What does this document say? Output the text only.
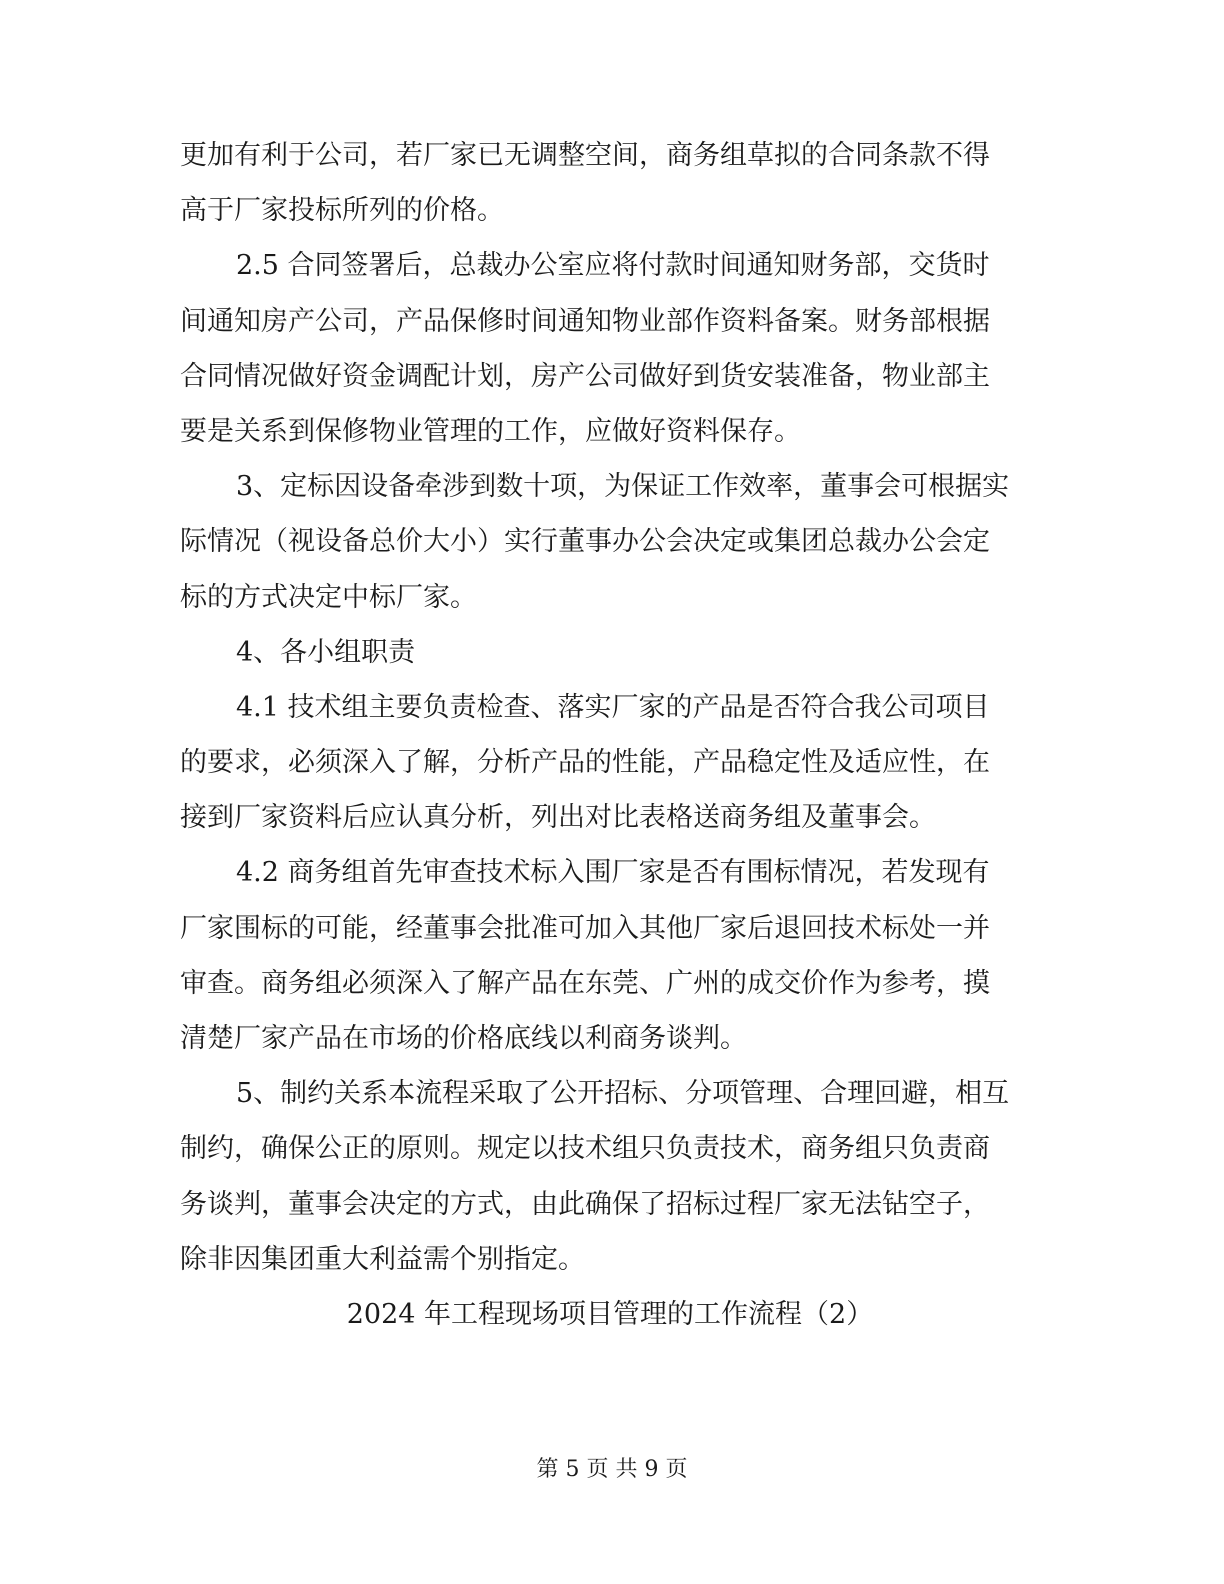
更加有利于公司，若厂家已无调整空间，商务组草拟的合同条款不得
高于厂家投标所列的价格。
2.5 合同签署后，总裁办公室应将付款时间通知财务部，交货时
间通知房产公司，产品保修时间通知物业部作资料备案。财务部根据
合同情况做好资金调配计划，房产公司做好到货安装准备，物业部主
要是关系到保修物业管理的工作，应做好资料保存。
3、定标因设备牵涉到数十项，为保证工作效率，董事会可根据实
际情况（视设备总价大小）实行董事办公会决定或集团总裁办公会定
标的方式决定中标厂家。
4、各小组职责
4.1 技术组主要负责检查、落实厂家的产品是否符合我公司项目
的要求，必须深入了解，分析产品的性能，产品稳定性及适应性，在
接到厂家资料后应认真分析，列出对比表格送商务组及董事会。
4.2 商务组首先审查技术标入围厂家是否有围标情况，若发现有
厂家围标的可能，经董事会批准可加入其他厂家后退回技术标处一并
审查。商务组必须深入了解产品在东莞、广州的成交价作为参考，摸
清楚厂家产品在市场的价格底线以利商务谈判。
5、制约关系本流程采取了公开招标、分项管理、合理回避，相互
制约，确保公正的原则。规定以技术组只负责技术，商务组只负责商
务谈判，董事会决定的方式，由此确保了招标过程厂家无法钻空子，
除非因集团重大利益需个别指定。
2024 年工程现场项目管理的工作流程（2）
第 5 页 共 9 页
